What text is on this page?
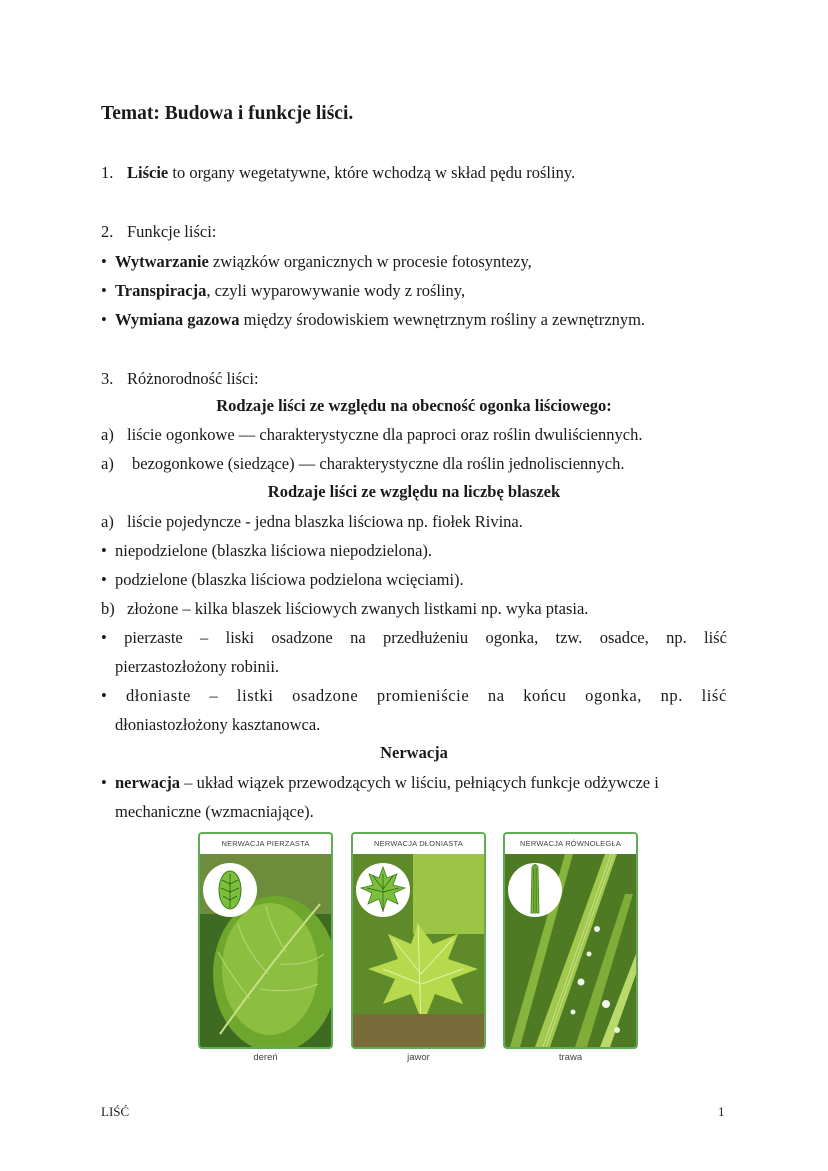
Temat: Budowa i funkcje liści.
1. Liście to organy wegetatywne, które wchodzą w skład pędu rośliny.
2. Funkcje liści:
• Wytwarzanie związków organicznych w procesie fotosyntezy,
• Transpiracja, czyli wyparowywanie wody z rośliny,
• Wymiana gazowa między środowiskiem wewnętrznym rośliny a zewnętrznym.
3. Różnorodność liści:
Rodzaje liści ze względu na obecność ogonka liściowego:
a) liście ogonkowe — charakterystyczne dla paproci oraz roślin dwuliściennych.
a) bezogonkowe (siedzące) — charakterystyczne dla roślin jednolisciennych.
Rodzaje liści ze względu na liczbę blaszek
a) liście pojedyncze - jedna blaszka liściowa np. fiołek Rivina.
• niepodzielone (blaszka liściowa niepodzielona).
• podzielone (blaszka liściowa podzielona wcięciami).
b) złożone – kilka blaszek liściowych zwanych listkami np. wyka ptasia.
• pierzaste – liski osadzone na przedłużeniu ogonka, tzw. osadce, np. liść
pierzastozłożony robinii.
• dłoniaste – listki osadzone promieniście na końcu ogonka, np. liść
dłoniastozłożony kasztanowca.
Nerwacja
• nerwacja – układ wiązek przewodzących w liściu, pełniących funkcje odżywcze i
mechaniczne (wzmacniające).
NERWACJA PIERZASTA
dereń
NERWACJA DŁONIASTA
jawor
NERWACJA RÓWNOLEGŁA
trawa
LIŚĆ	1
